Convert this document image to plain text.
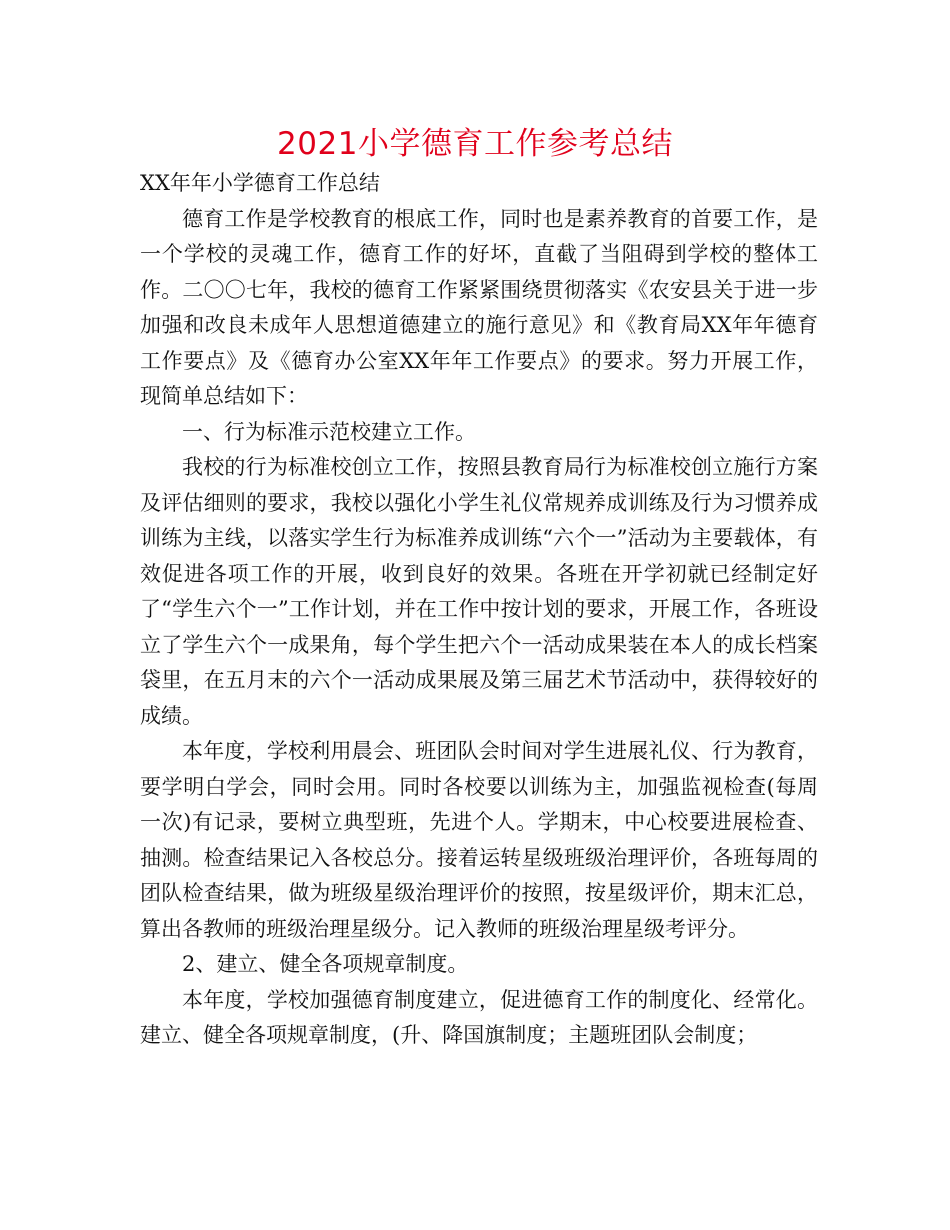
2021小学德育工作参考总结

XX年年小学德育工作总结

德育工作是学校教育的根底工作，同时也是素养教育的首要工作，是一个学校的灵魂工作，德育工作的好坏，直截了当阻碍到学校的整体工作。二〇〇七年，我校的德育工作紧紧围绕贯彻落实《农安县关于进一步加强和改良未成年人思想道德建立的施行意见》和《教育局XX年年德育工作要点》及《德育办公室XX年年工作要点》的要求。努力开展工作，现简单总结如下：

一、行为标准示范校建立工作。

我校的行为标准校创立工作，按照县教育局行为标准校创立施行方案及评估细则的要求，我校以强化小学生礼仪常规养成训练及行为习惯养成训练为主线，以落实学生行为标准养成训练“六个一”活动为主要载体，有效促进各项工作的开展，收到良好的效果。各班在开学初就已经制定好了“学生六个一”工作计划，并在工作中按计划的要求，开展工作，各班设立了学生六个一成果角，每个学生把六个一活动成果装在本人的成长档案袋里，在五月末的六个一活动成果展及第三届艺术节活动中，获得较好的成绩。

本年度，学校利用晨会、班团队会时间对学生进展礼仪、行为教育，要学明白学会，同时会用。同时各校要以训练为主，加强监视检查(每周一次)有记录，要树立典型班，先进个人。学期末，中心校要进展检查、抽测。检查结果记入各校总分。接着运转星级班级治理评价，各班每周的团队检查结果，做为班级星级治理评价的按照，按星级评价，期末汇总，算出各教师的班级治理星级分。记入教师的班级治理星级考评分。

2、建立、健全各项规章制度。

本年度，学校加强德育制度建立，促进德育工作的制度化、经常化。建立、健全各项规章制度，(升、降国旗制度；主题班团队会制度；
